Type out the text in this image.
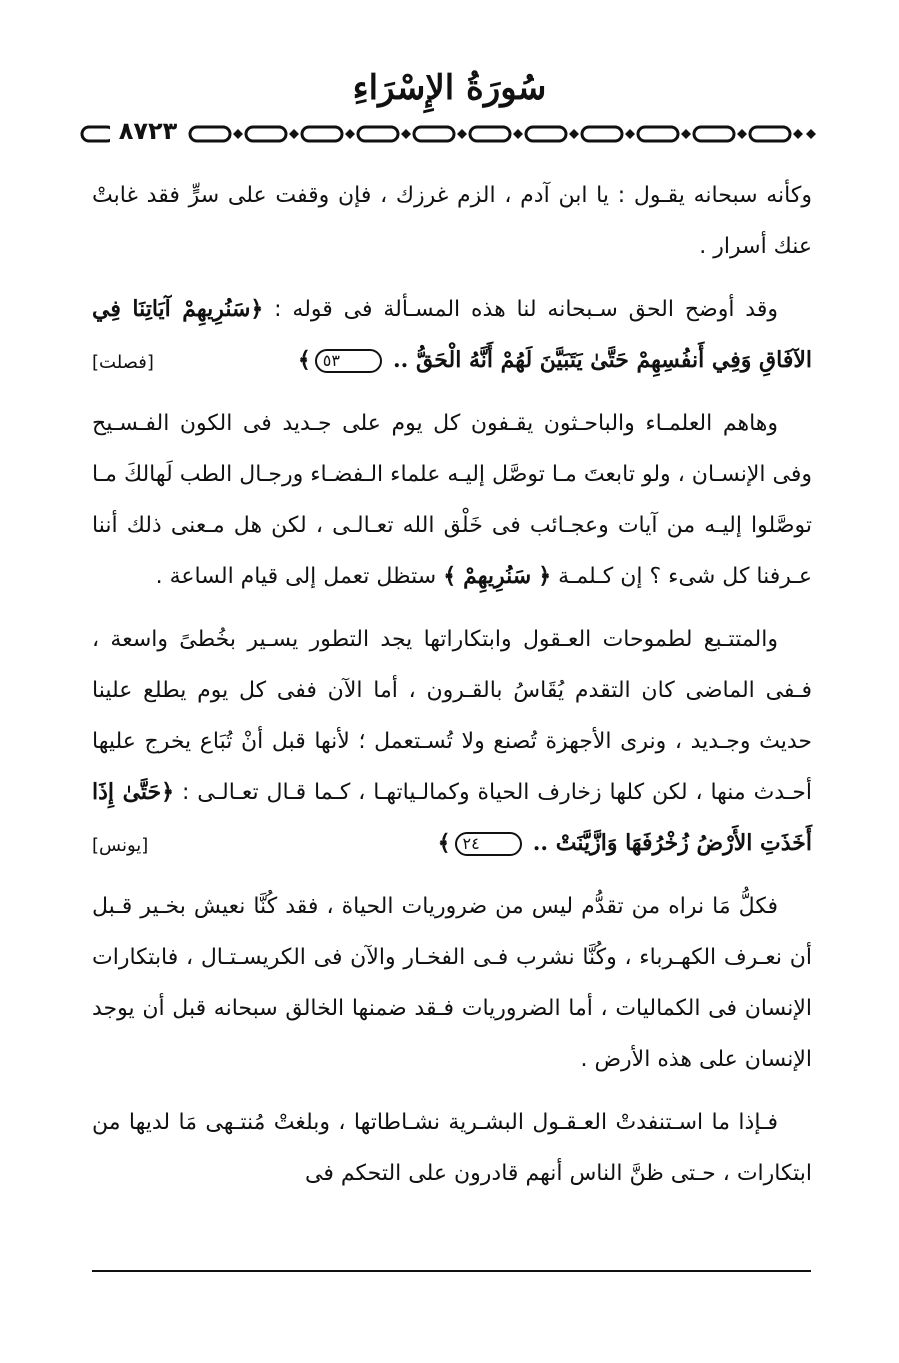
سُورَةُ الإِسْرَاءِ
٨٧٢٣

وكأنه سبحانه يقـول : يا ابن آدم ، الزم غرزك ، فإن وقفت على سرٍّ فقد غابتْ عنك أسرار .

وقد أوضح الحق سـبحانه لنا هذه المسـألة فى قوله : ﴿سَنُرِيهِمْ آيَاتِنَا فِي الآفَاقِ وَفِي أَنفُسِهِمْ حَتَّىٰ يَتَبَيَّنَ لَهُمْ أَنَّهُ الْحَقُّ .. ٥٣﴾
[فصلت]

وهاهم العلمـاء والباحـثون يقـفون كل يوم على جـديد فى الكون الفـسـيح وفى الإنسـان ، ولو تابعتَ مـا توصَّل إليـه علماء الـفضـاء ورجـال الطب لَهالكَ مـا توصَّلوا إليـه من آيات وعجـائب فى خَلْق الله تعـالـى ، لكن هل مـعنى ذلك أننا عـرفنا كل شىء ؟ إن كـلمـة ﴿ سَنُرِيهِمْ ﴾ ستظل تعمل إلى قيام الساعة .

والمتتـبع لطموحات العـقول وابتكاراتها يجد التطور يسـير بخُطىً واسعة ، فـفى الماضى كان التقدم يُقَاسُ بالقـرون ، أما الآن ففى كل يوم يطلع علينا حديث وجـديد ، ونرى الأجهزة تُصنع ولا تُسـتعمل ؛ لأنها قبل أنْ تُبَاع يخرج عليها أحـدث منها ، لكن كلها زخارف الحياة وكمالـياتهـا ، كـما قـال تعـالـى : ﴿حَتَّىٰ إِذَا أَخَذَتِ الأَرْضُ زُخْرُفَهَا وَازَّيَّنَتْ .. ٢٤﴾
[يونس]

فكلُّ مَا نراه من تقدُّم ليس من ضروريات الحياة ، فقد كُنَّا نعيش بخـير قـبل أن نعـرف الكهـرباء ، وكُنَّا نشرب فـى الفخـار والآن فى الكريسـتـال ، فابتكارات الإنسان فى الكماليات ، أما الضروريات فـقد ضمنها الخالق سبحانه قبل أن يوجد الإنسان على هذه الأرض .

فـإذا ما اسـتنفدتْ العـقـول البشـرية نشـاطاتها ، وبلغتْ مُنتـهى مَا لديها من ابتكارات ، حـتى ظنَّ الناس أنهم قادرون على التحكم فى
